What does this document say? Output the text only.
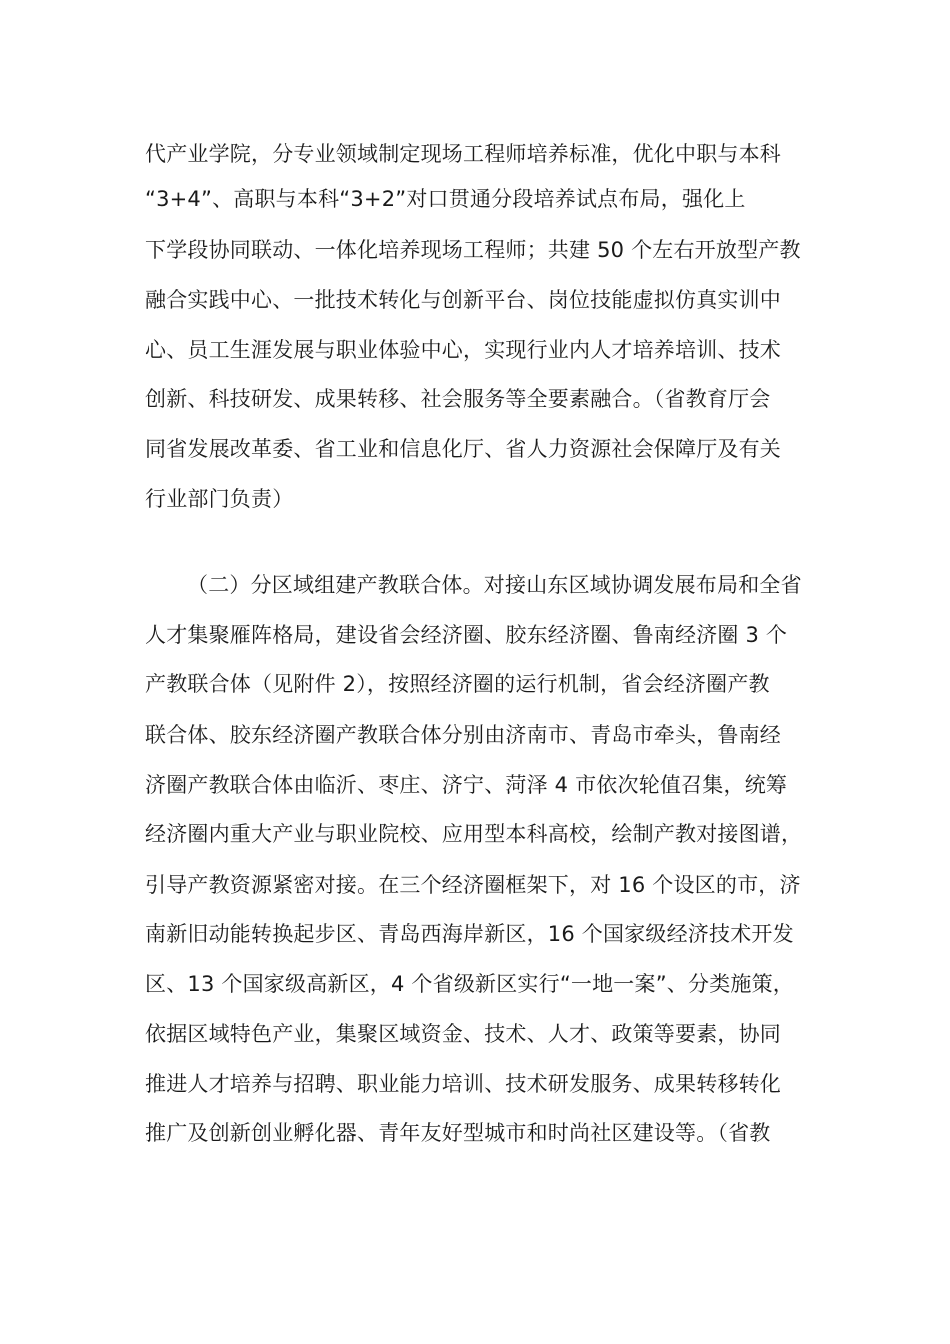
代产业学院，分专业领域制定现场工程师培养标准，优化中职与本科
“3+4”、高职与本科“3+2”对口贯通分段培养试点布局，强化上
下学段协同联动、一体化培养现场工程师；共建 50 个左右开放型产教
融合实践中心、一批技术转化与创新平台、岗位技能虚拟仿真实训中
心、员工生涯发展与职业体验中心，实现行业内人才培养培训、技术
创新、科技研发、成果转移、社会服务等全要素融合。（省教育厅会
同省发展改革委、省工业和信息化厅、省人力资源社会保障厅及有关
行业部门负责）
（二）分区域组建产教联合体。对接山东区域协调发展布局和全省
人才集聚雁阵格局，建设省会经济圈、胶东经济圈、鲁南经济圈 3 个
产教联合体（见附件 2），按照经济圈的运行机制，省会经济圈产教
联合体、胶东经济圈产教联合体分别由济南市、青岛市牵头，鲁南经
济圈产教联合体由临沂、枣庄、济宁、菏泽 4 市依次轮值召集，统筹
经济圈内重大产业与职业院校、应用型本科高校，绘制产教对接图谱，
引导产教资源紧密对接。在三个经济圈框架下，对 16 个设区的市，济
南新旧动能转换起步区、青岛西海岸新区，16 个国家级经济技术开发
区、13 个国家级高新区，4 个省级新区实行“一地一案”、分类施策，
依据区域特色产业，集聚区域资金、技术、人才、政策等要素，协同
推进人才培养与招聘、职业能力培训、技术研发服务、成果转移转化
推广及创新创业孵化器、青年友好型城市和时尚社区建设等。（省教
